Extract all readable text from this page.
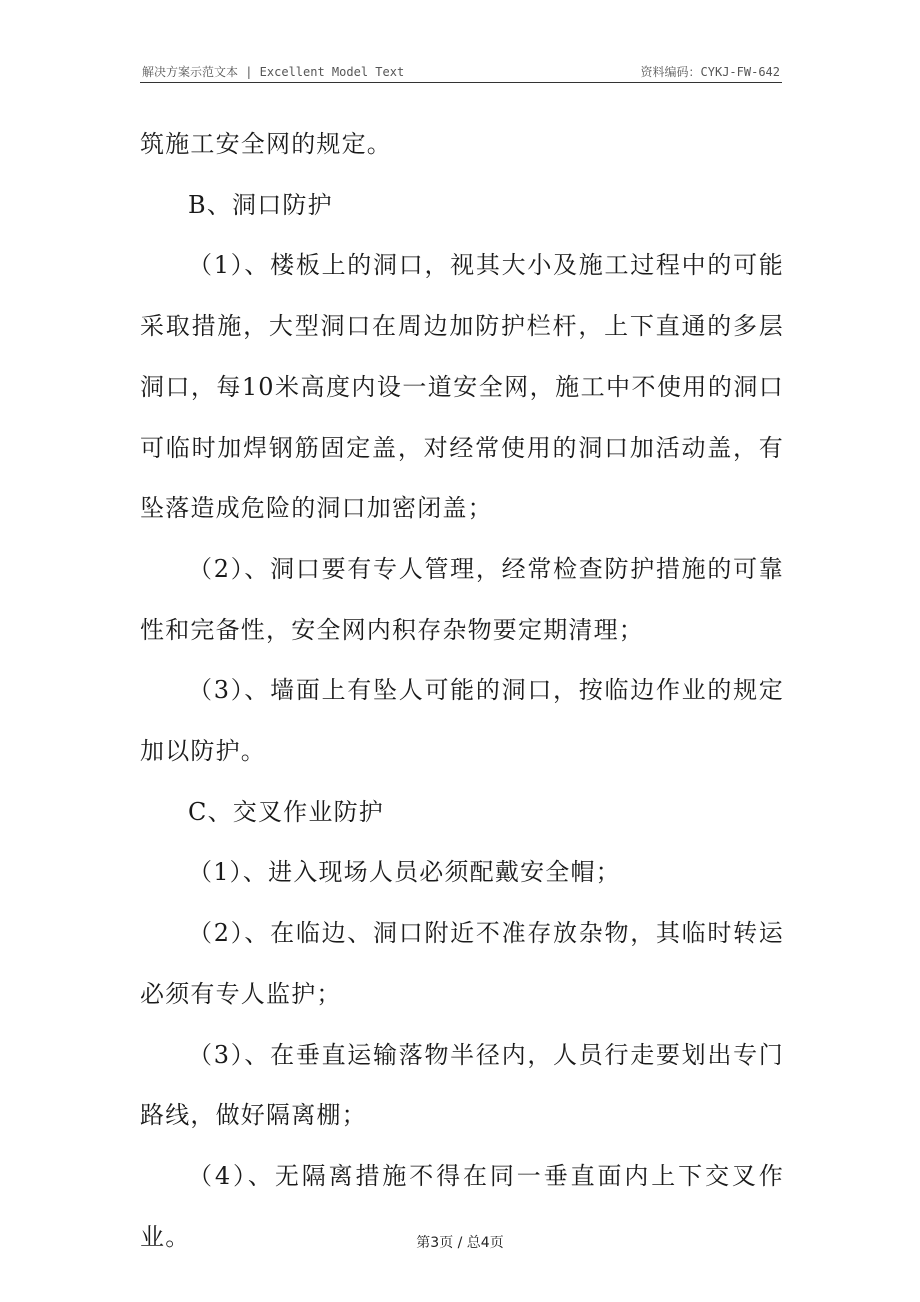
解决方案示范文本 | Excellent Model Text	资料编码：CYKJ-FW-642

筑施工安全网的规定。

B、洞口防护

（1）、楼板上的洞口，视其大小及施工过程中的可能采取措施，大型洞口在周边加防护栏杆，上下直通的多层洞口，每10米高度内设一道安全网，施工中不使用的洞口可临时加焊钢筋固定盖，对经常使用的洞口加活动盖，有坠落造成危险的洞口加密闭盖；

（2）、洞口要有专人管理，经常检查防护措施的可靠性和完备性，安全网内积存杂物要定期清理；

（3）、墙面上有坠人可能的洞口，按临边作业的规定加以防护。

C、交叉作业防护

（1）、进入现场人员必须配戴安全帽；

（2）、在临边、洞口附近不准存放杂物，其临时转运必须有专人监护；

（3）、在垂直运输落物半径内，人员行走要划出专门路线，做好隔离棚；

（4）、无隔离措施不得在同一垂直面内上下交叉作业。	第3页 / 总4页
